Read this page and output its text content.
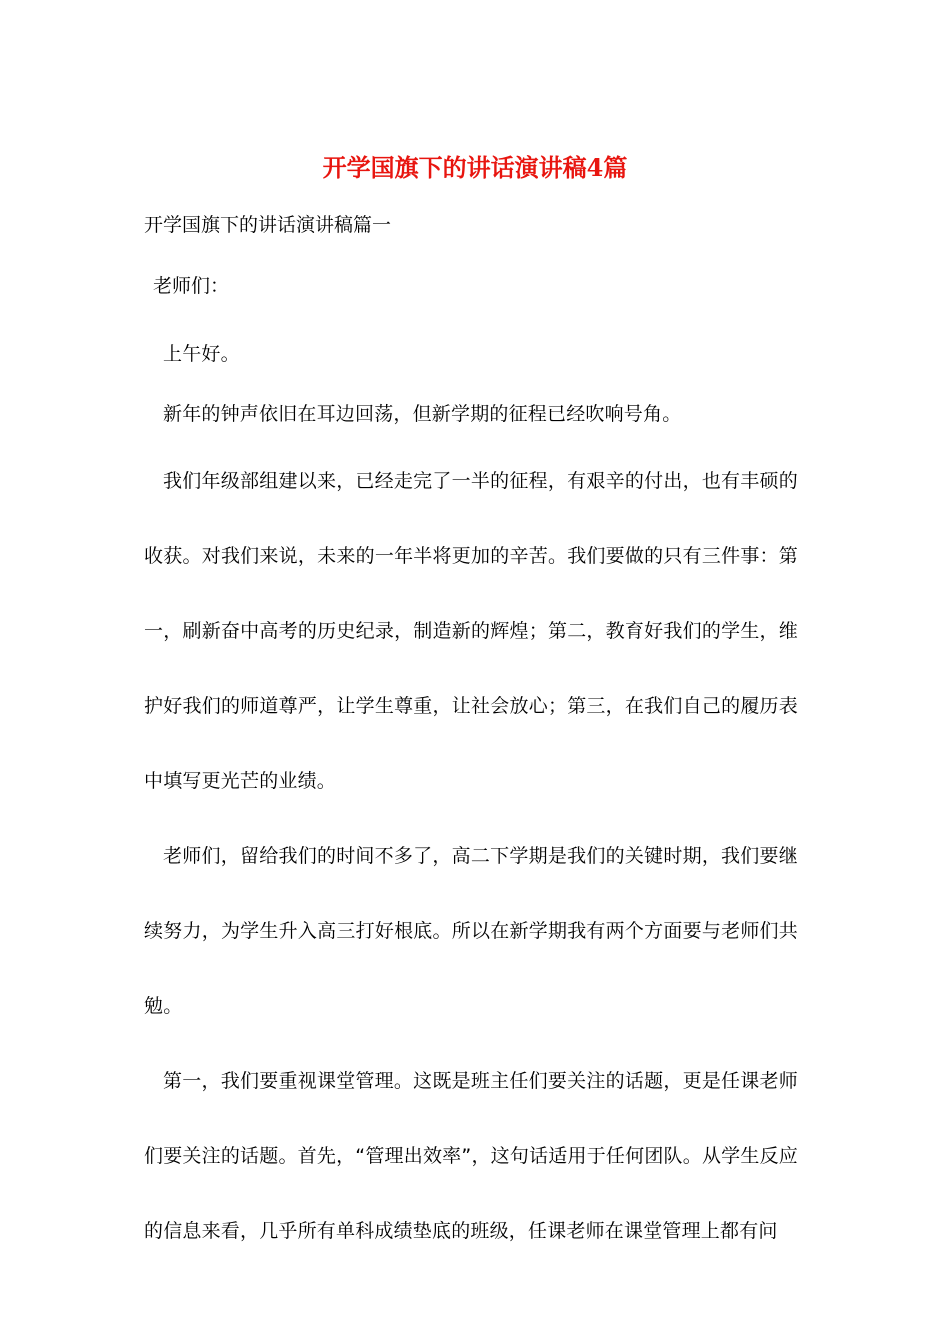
开学国旗下的讲话演讲稿4篇

开学国旗下的讲话演讲稿篇一

老师们：

上午好。

新年的钟声依旧在耳边回荡，但新学期的征程已经吹响号角。

我们年级部组建以来，已经走完了一半的征程，有艰辛的付出，也有丰硕的收获。对我们来说，未来的一年半将更加的辛苦。我们要做的只有三件事：第一，刷新奋中高考的历史纪录，制造新的辉煌；第二，教育好我们的学生，维护好我们的师道尊严，让学生尊重，让社会放心；第三，在我们自己的履历表中填写更光芒的业绩。

老师们，留给我们的时间不多了，高二下学期是我们的关键时期，我们要继续努力，为学生升入高三打好根底。所以在新学期我有两个方面要与老师们共勉。

第一，我们要重视课堂管理。这既是班主任们要关注的话题，更是任课老师们要关注的话题。首先，“管理出效率”，这句话适用于任何团队。从学生反应的信息来看，几乎所有单科成绩垫底的班级，任课老师在课堂管理上都有问
